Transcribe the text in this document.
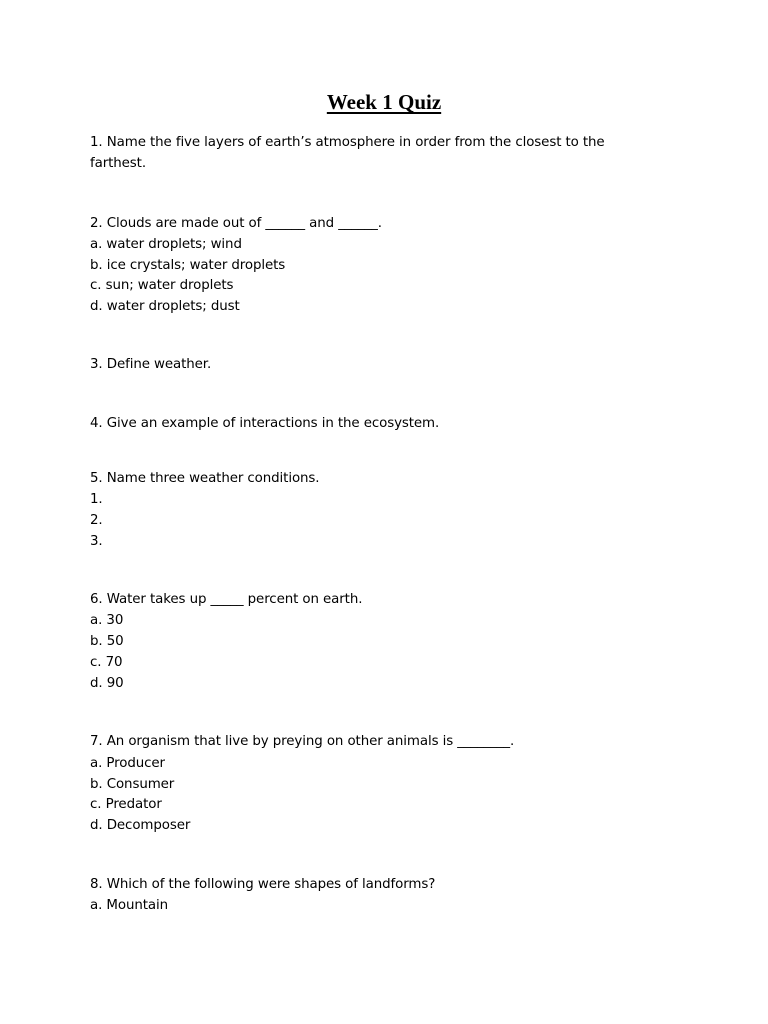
Week 1 Quiz
1. Name the five layers of earth’s atmosphere in order from the closest to the
farthest.
2. Clouds are made out of ______ and ______.
a. water droplets; wind
b. ice crystals; water droplets
c. sun; water droplets
d. water droplets; dust
3. Define weather.
4. Give an example of interactions in the ecosystem.
5. Name three weather conditions.
1.
2.
3.
6. Water takes up _____ percent on earth.
a. 30
b. 50
c. 70
d. 90
7. An organism that live by preying on other animals is ________.
a. Producer
b. Consumer
c. Predator
d. Decomposer
8. Which of the following were shapes of landforms?
a. Mountain
